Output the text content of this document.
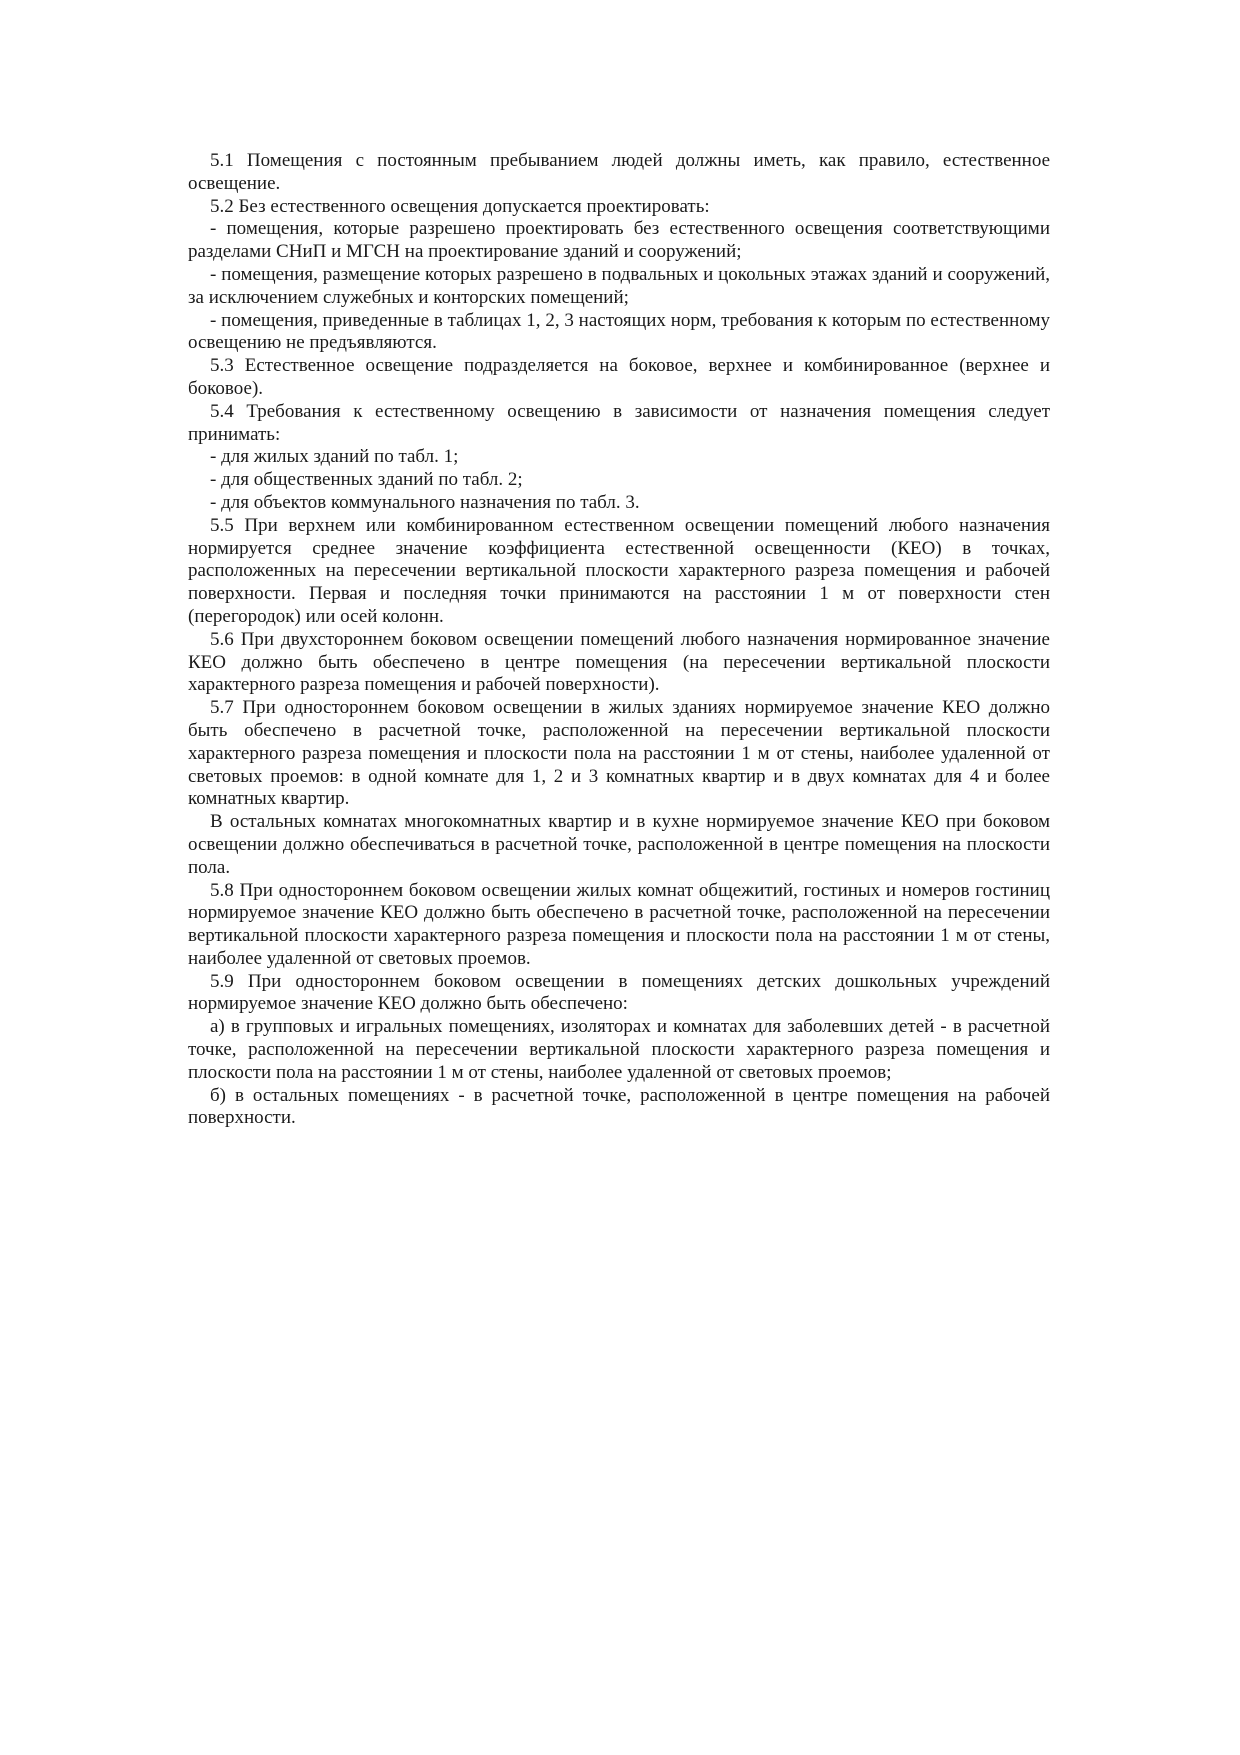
5.1 Помещения с постоянным пребыванием людей должны иметь, как правило, естественное освещение.

5.2 Без естественного освещения допускается проектировать:

- помещения, которые разрешено проектировать без естественного освещения соответствующими разделами СНиП и МГСН на проектирование зданий и сооружений;

- помещения, размещение которых разрешено в подвальных и цокольных этажах зданий и сооружений, за исключением служебных и конторских помещений;

- помещения, приведенные в таблицах 1, 2, 3 настоящих норм, требования к которым по естественному освещению не предъявляются.

5.3 Естественное освещение подразделяется на боковое, верхнее и комбинированное (верхнее и боковое).

5.4 Требования к естественному освещению в зависимости от назначения помещения следует принимать:

- для жилых зданий по табл. 1;

- для общественных зданий по табл. 2;

- для объектов коммунального назначения по табл. 3.

5.5 При верхнем или комбинированном естественном освещении помещений любого назначения нормируется среднее значение коэффициента естественной освещенности (КЕО) в точках, расположенных на пересечении вертикальной плоскости характерного разреза помещения и рабочей поверхности. Первая и последняя точки принимаются на расстоянии 1 м от поверхности стен (перегородок) или осей колонн.

5.6 При двухстороннем боковом освещении помещений любого назначения нормированное значение КЕО должно быть обеспечено в центре помещения (на пересечении вертикальной плоскости характерного разреза помещения и рабочей поверхности).

5.7 При одностороннем боковом освещении в жилых зданиях нормируемое значение КЕО должно быть обеспечено в расчетной точке, расположенной на пересечении вертикальной плоскости характерного разреза помещения и плоскости пола на расстоянии 1 м от стены, наиболее удаленной от световых проемов: в одной комнате для 1, 2 и 3 комнатных квартир и в двух комнатах для 4 и более комнатных квартир.

В остальных комнатах многокомнатных квартир и в кухне нормируемое значение КЕО при боковом освещении должно обеспечиваться в расчетной точке, расположенной в центре помещения на плоскости пола.

5.8 При одностороннем боковом освещении жилых комнат общежитий, гостиных и номеров гостиниц нормируемое значение КЕО должно быть обеспечено в расчетной точке, расположенной на пересечении вертикальной плоскости характерного разреза помещения и плоскости пола на расстоянии 1 м от стены, наиболее удаленной от световых проемов.

5.9 При одностороннем боковом освещении в помещениях детских дошкольных учреждений нормируемое значение КЕО должно быть обеспечено:

а) в групповых и игральных помещениях, изоляторах и комнатах для заболевших детей - в расчетной точке, расположенной на пересечении вертикальной плоскости характерного разреза помещения и плоскости пола на расстоянии 1 м от стены, наиболее удаленной от световых проемов;

б) в остальных помещениях - в расчетной точке, расположенной в центре помещения на рабочей поверхности.
